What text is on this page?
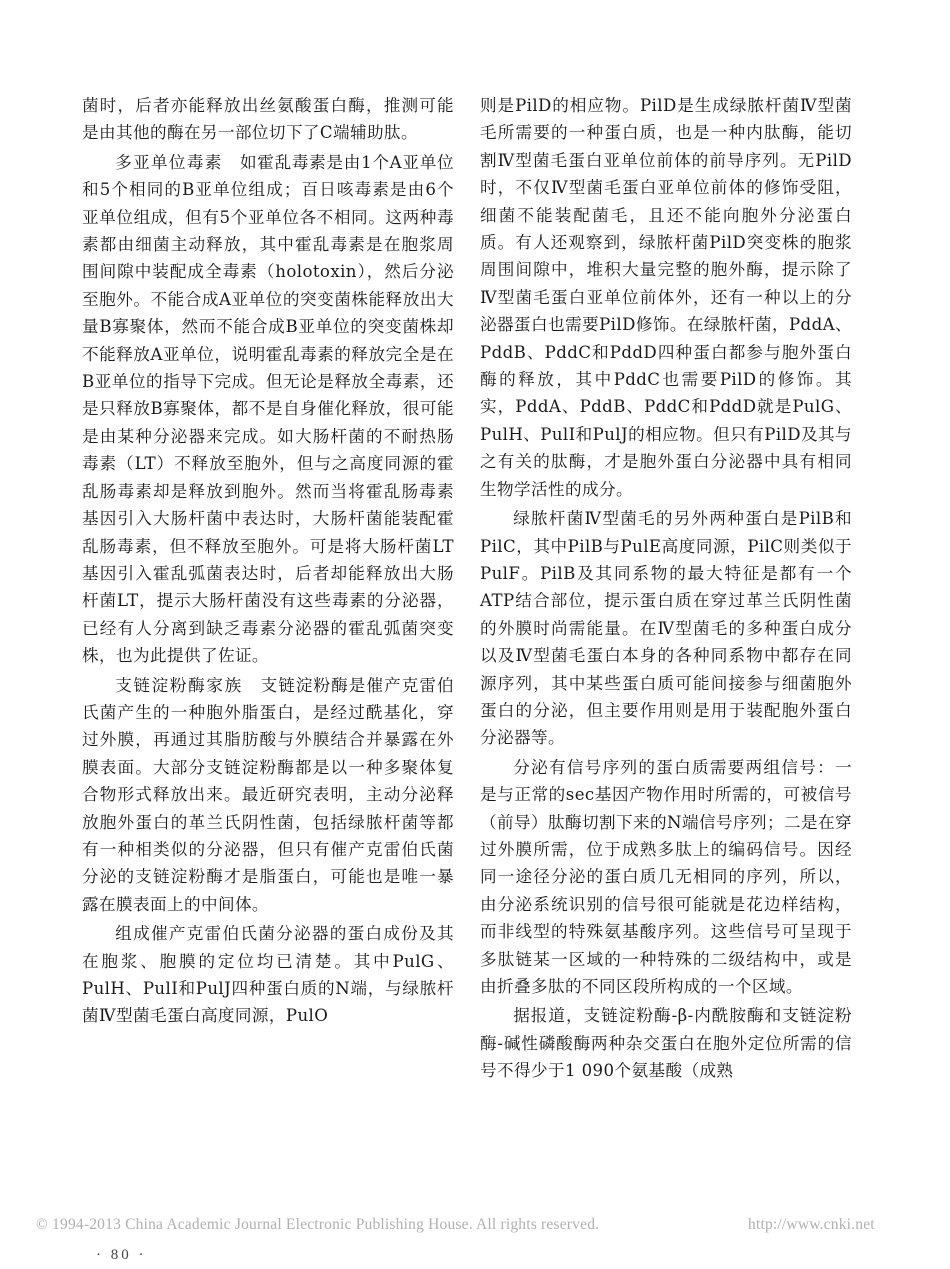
菌时，后者亦能释放出丝氨酸蛋白酶，推测可能是由其他的酶在另一部位切下了C端辅助肽。

多亚单位毒素　 如霍乱毒素是由1个A亚单位和5个相同的B亚单位组成；百日咳毒素是由6个亚单位组成，但有5个亚单位各不相同。这两种毒素都由细菌主动释放，其中霍乱毒素是在胞浆周围间隙中装配成全毒素（holotoxin），然后分泌至胞外。不能合成A亚单位的突变菌株能释放出大量B寡聚体，然而不能合成B亚单位的突变菌株却不能释放A亚单位，说明霍乱毒素的释放完全是在B亚单位的指导下完成。但无论是释放全毒素，还是只释放B寡聚体，都不是自身催化释放，很可能是由某种分泌器来完成。如大肠杆菌的不耐热肠毒素（LT）不释放至胞外，但与之高度同源的霍乱肠毒素却是释放到胞外。然而当将霍乱肠毒素基因引入大肠杆菌中表达时，大肠杆菌能装配霍乱肠毒素，但不释放至胞外。可是将大肠杆菌LT基因引入霍乱弧菌表达时，后者却能释放出大肠杆菌LT，提示大肠杆菌没有这些毒素的分泌器，已经有人分离到缺乏毒素分泌器的霍乱弧菌突变株，也为此提供了佐证。

支链淀粉酶家族　 支链淀粉酶是催产克雷伯氏菌产生的一种胞外脂蛋白，是经过酰基化，穿过外膜，再通过其脂肪酸与外膜结合并暴露在外膜表面。大部分支链淀粉酶都是以一种多聚体复合物形式释放出来。最近研究表明，主动分泌释放胞外蛋白的革兰氏阴性菌，包括绿脓杆菌等都有一种相类似的分泌器，但只有催产克雷伯氏菌分泌的支链淀粉酶才是脂蛋白，可能也是唯一暴露在膜表面上的中间体。

组成催产克雷伯氏菌分泌器的蛋白成份及其在胞浆、胞膜的定位均已清楚。其中PulG、PulH、PulI和PulJ四种蛋白质的N端，与绿脓杆菌Ⅳ型菌毛蛋白高度同源，PulO

则是PilD的相应物。PilD是生成绿脓杆菌Ⅳ型菌毛所需要的一种蛋白质，也是一种内肽酶，能切割Ⅳ型菌毛蛋白亚单位前体的前导序列。无PilD时，不仅Ⅳ型菌毛蛋白亚单位前体的修饰受阻，细菌不能装配菌毛，且还不能向胞外分泌蛋白质。有人还观察到，绿脓杆菌PilD突变株的胞浆周围间隙中，堆积大量完整的胞外酶，提示除了Ⅳ型菌毛蛋白亚单位前体外，还有一种以上的分泌器蛋白也需要PilD修饰。在绿脓杆菌，PddA、PddB、PddC和PddD四种蛋白都参与胞外蛋白酶的释放，其中PddC也需要PilD的修饰。其实，PddA、PddB、PddC和PddD就是PulG、PulH、PulI和PulJ的相应物。但只有PilD及其与之有关的肽酶，才是胞外蛋白分泌器中具有相同生物学活性的成分。

绿脓杆菌Ⅳ型菌毛的另外两种蛋白是PilB和PilC，其中PilB与PulE高度同源，PilC则类似于PulF。PilB及其同系物的最大特征是都有一个ATP结合部位，提示蛋白质在穿过革兰氏阴性菌的外膜时尚需能量。在Ⅳ型菌毛的多种蛋白成分以及Ⅳ型菌毛蛋白本身的各种同系物中都存在同源序列，其中某些蛋白质可能间接参与细菌胞外蛋白的分泌，但主要作用则是用于装配胞外蛋白分泌器等。

分泌有信号序列的蛋白质需要两组信号：一是与正常的sec基因产物作用时所需的，可被信号（前导）肽酶切割下来的N端信号序列；二是在穿过外膜所需，位于成熟多肽上的编码信号。因经同一途径分泌的蛋白质几无相同的序列，所以，由分泌系统识别的信号很可能就是花边样结构，而非线型的特殊氨基酸序列。这些信号可呈现于多肽链某一区域的一种特殊的二级结构中，或是由折叠多肽的不同区段所构成的一个区域。

据报道，支链淀粉酶-β-内酰胺酶和支链淀粉酶-碱性磷酸酶两种杂交蛋白在胞外定位所需的信号不得少于1 090个氨基酸（成熟

© 1994-2013 China Academic Journal Electronic Publishing House. All rights reserved.	http://www.cnki.net
· 80 ·
